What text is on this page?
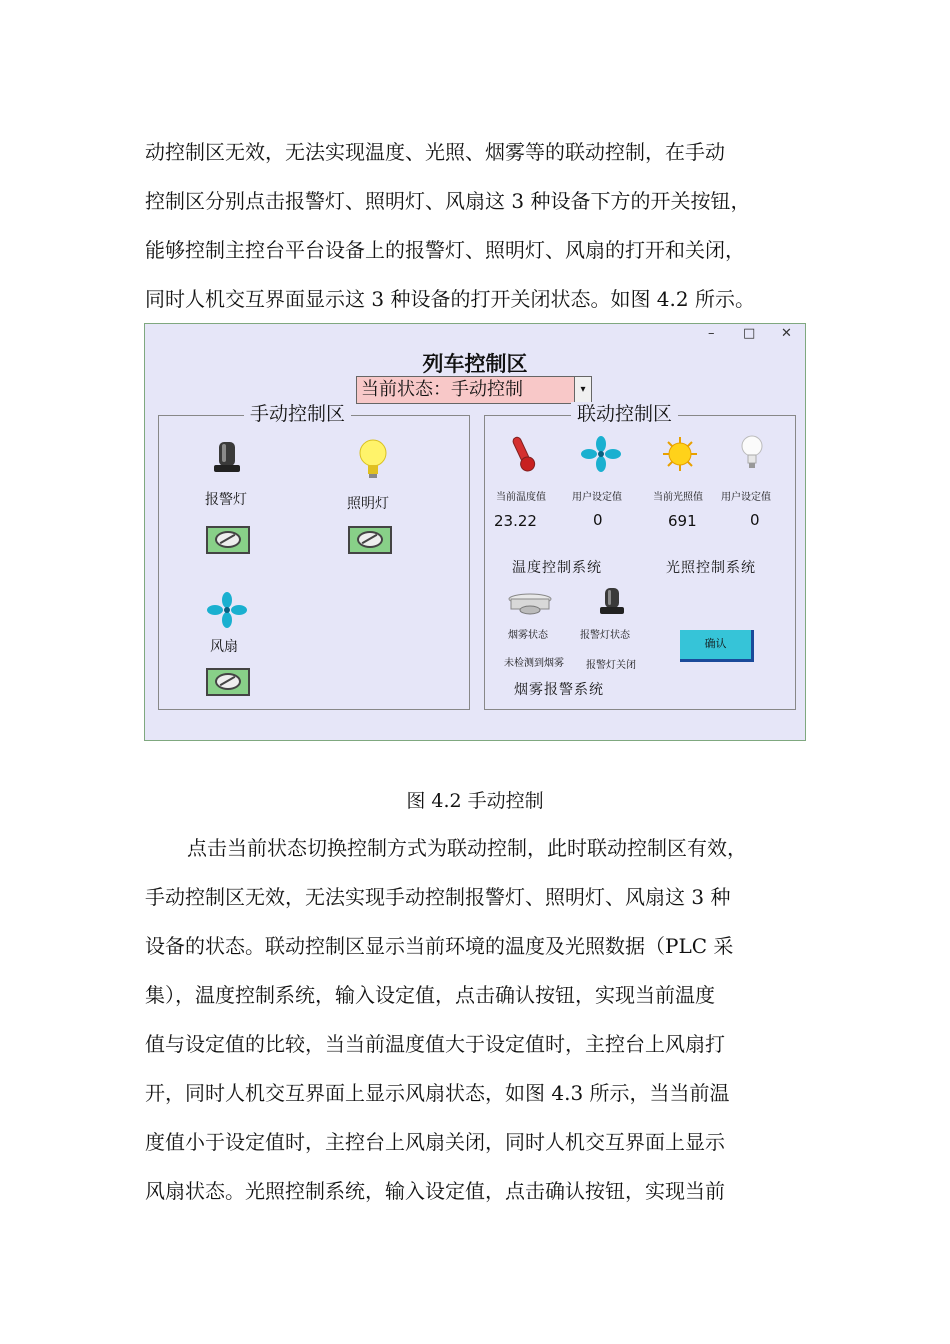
动控制区无效，无法实现温度、光照、烟雾等的联动控制，在手动
控制区分别点击报警灯、照明灯、风扇这 3 种设备下方的开关按钮，
能够控制主控台平台设备上的报警灯、照明灯、风扇的打开和关闭，
同时人机交互界面显示这 3 种设备的打开关闭状态。如图 4.2 所示。
– □ ✕
列车控制区
当前状态：手动控制	▾
手动控制区
报警灯	照明灯
风扇
联动控制区
当前温度值	用户设定值	当前光照值 用户设定值
23.22	0	691	0
温度控制系统	光照控制系统
烟雾状态	报警灯状态
未检测到烟雾 报警灯关闭
烟雾报警系统
确认
图 4.2 手动控制
点击当前状态切换控制方式为联动控制，此时联动控制区有效，
手动控制区无效，无法实现手动控制报警灯、照明灯、风扇这 3 种
设备的状态。联动控制区显示当前环境的温度及光照数据（PLC 采
集），温度控制系统，输入设定值，点击确认按钮，实现当前温度
值与设定值的比较，当当前温度值大于设定值时，主控台上风扇打
开，同时人机交互界面上显示风扇状态，如图 4.3 所示，当当前温
度值小于设定值时，主控台上风扇关闭，同时人机交互界面上显示
风扇状态。光照控制系统，输入设定值，点击确认按钮，实现当前
